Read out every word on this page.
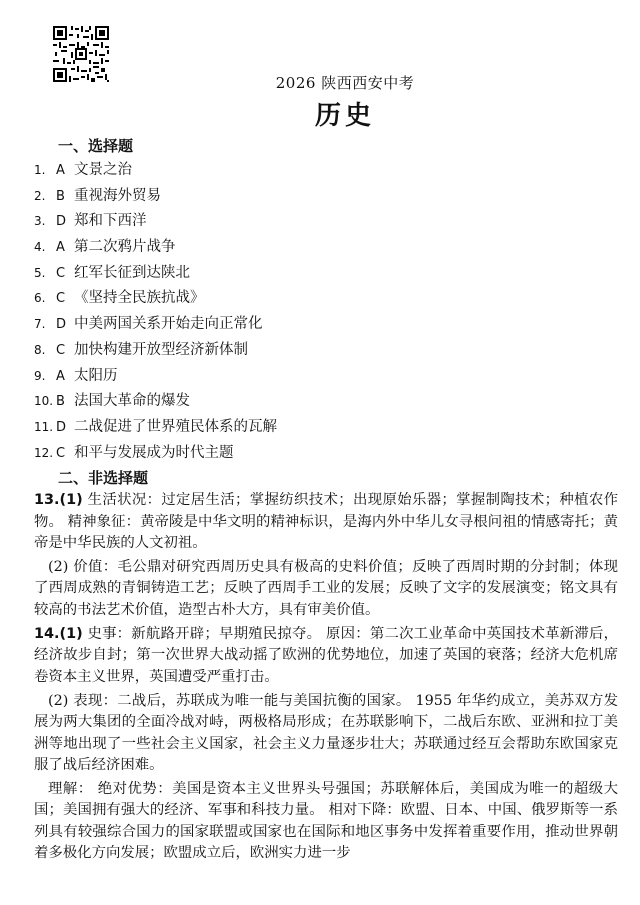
2026 陕西西安中考
历史
一、选择题
1. A 文景之治
2. B 重视海外贸易
3. D 郑和下西洋
4. A 第二次鸦片战争
5. C 红军长征到达陕北
6. C 《坚持全民族抗战》
7. D 中美两国关系开始走向正常化
8. C 加快构建开放型经济新体制
9. A 太阳历
10. B 法国大革命的爆发
11. D 二战促进了世界殖民体系的瓦解
12. C 和平与发展成为时代主题
二、非选择题

13.(1) 生活状况：过定居生活；掌握纺织技术；出现原始乐器；掌握制陶技术；种植农作物。 精神象征：黄帝陵是中华文明的精神标识，是海内外中华儿女寻根问祖的情感寄托；黄帝是中华民族的人文初祖。

(2) 价值：毛公鼎对研究西周历史具有极高的史料价值；反映了西周时期的分封制；体现了西周成熟的青铜铸造工艺；反映了西周手工业的发展；反映了文字的发展演变；铭文具有较高的书法艺术价值，造型古朴大方，具有审美价值。

14.(1) 史事：新航路开辟；早期殖民掠夺。 原因：第二次工业革命中英国技术革新滞后，经济故步自封；第一次世界大战动摇了欧洲的优势地位，加速了英国的衰落；经济大危机席卷资本主义世界，英国遭受严重打击。

(2) 表现：二战后，苏联成为唯一能与美国抗衡的国家。 1955 年华约成立，美苏双方发展为两大集团的全面冷战对峙，两极格局形成；在苏联影响下，二战后东欧、亚洲和拉丁美洲等地出现了一些社会主义国家，社会主义力量逐步壮大；苏联通过经互会帮助东欧国家克服了战后经济困难。

理解： 绝对优势：美国是资本主义世界头号强国；苏联解体后，美国成为唯一的超级大国；美国拥有强大的经济、军事和科技力量。 相对下降：欧盟、日本、中国、俄罗斯等一系列具有较强综合国力的国家联盟或国家也在国际和地区事务中发挥着重要作用，推动世界朝着多极化方向发展；欧盟成立后，欧洲实力进一步
